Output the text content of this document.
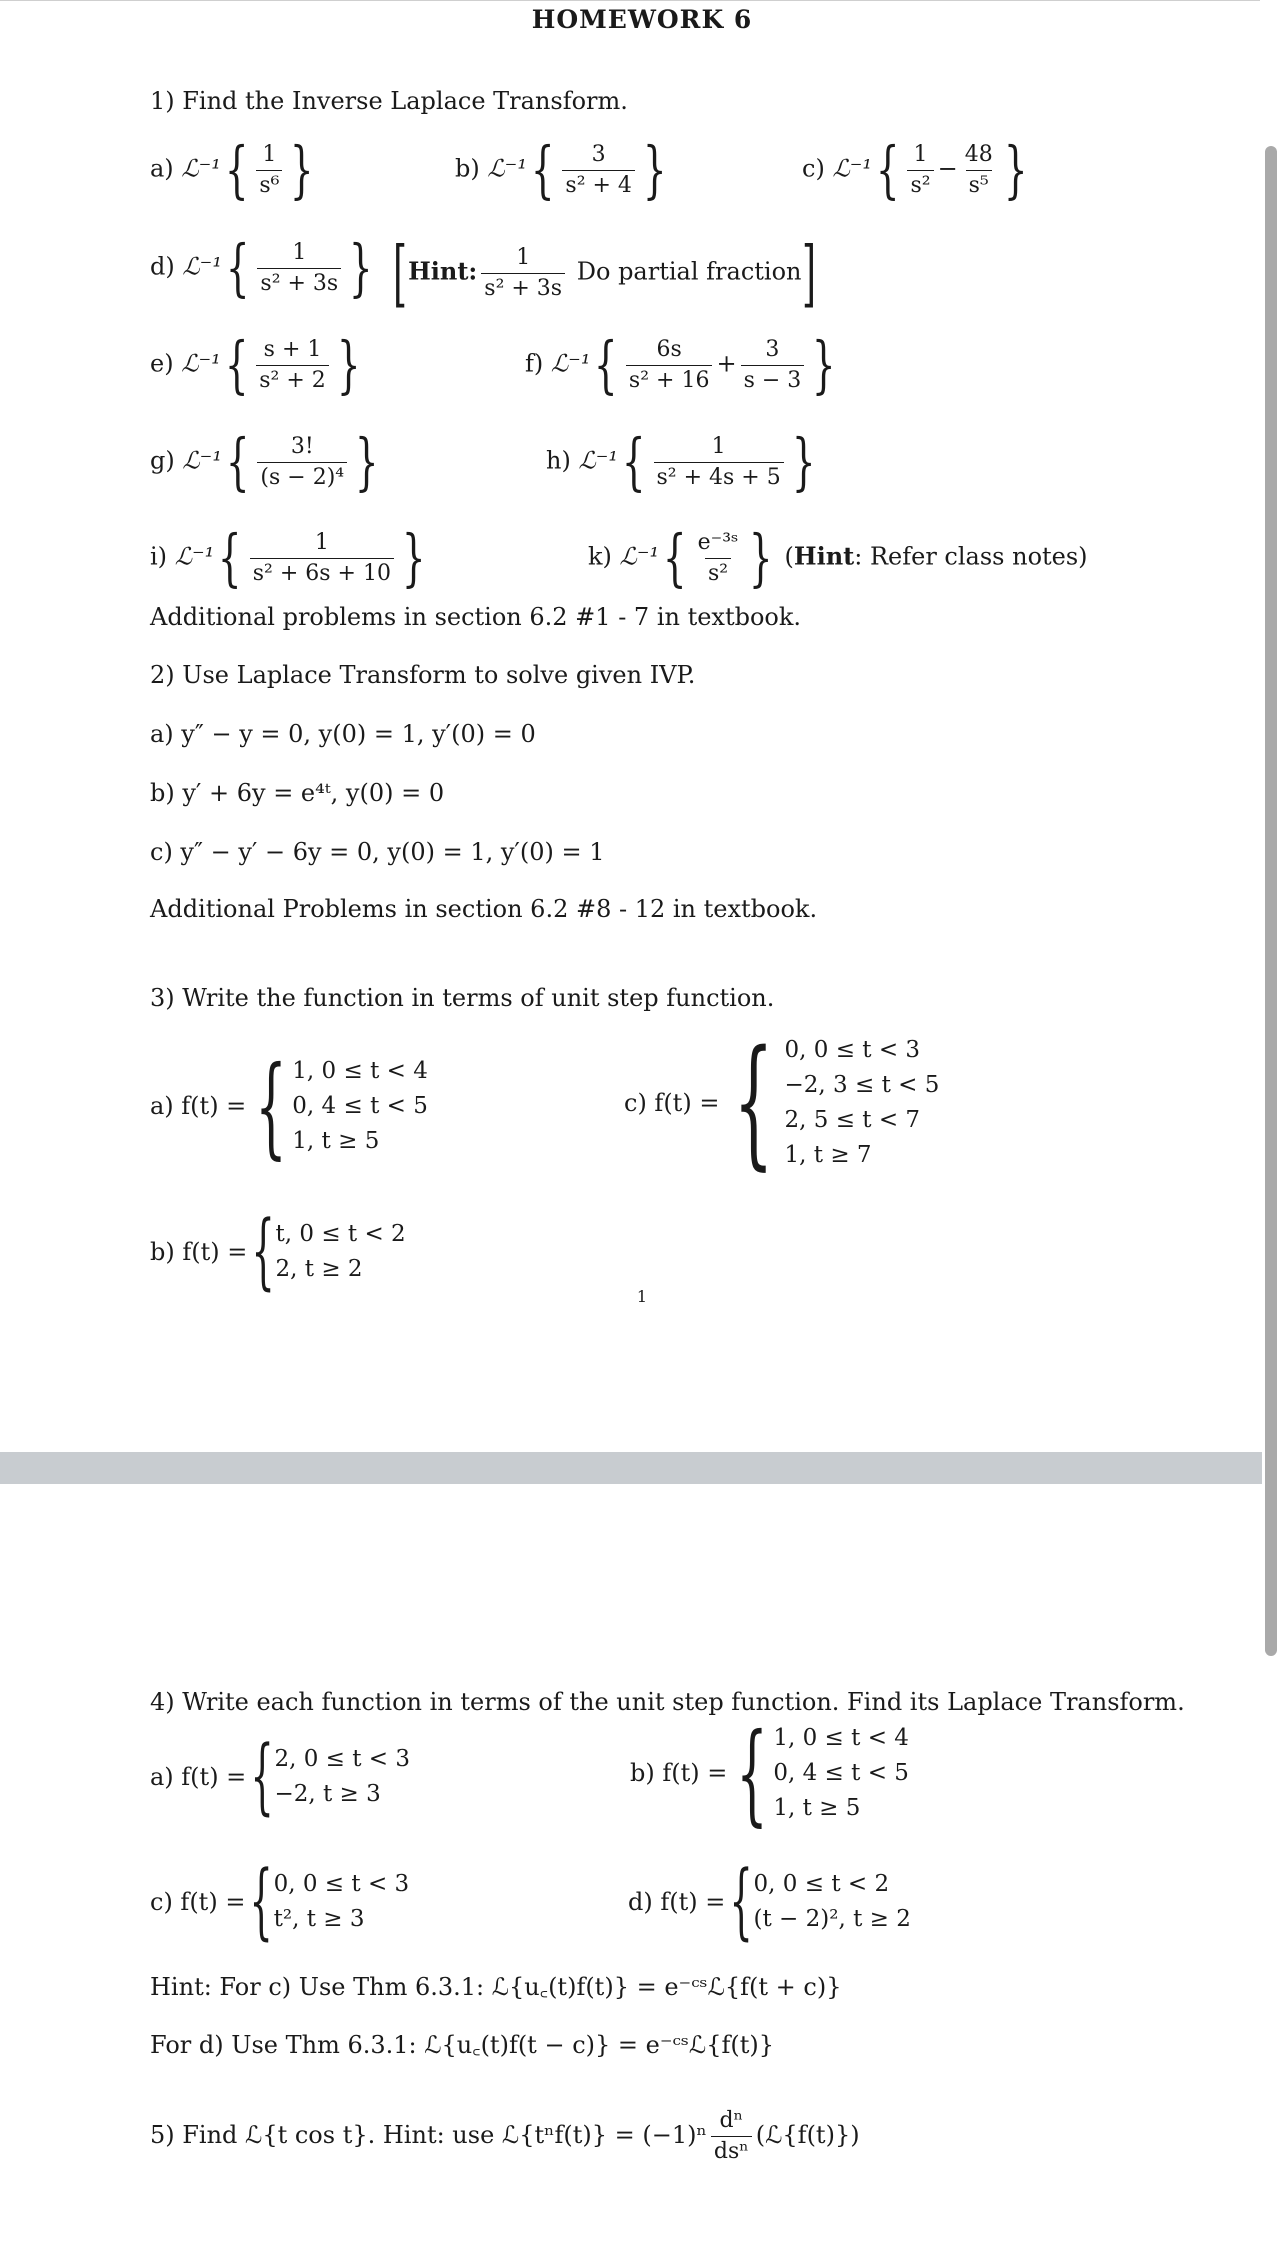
HOMEWORK 6
1) Find the Inverse Laplace Transform.
a) ℒ⁻¹{ $\frac{1}{\text{s⁶}}$ }	b) ℒ⁻¹{ $\frac{3}{\text{s² + 4}}$ }	c) ℒ⁻¹{ $\frac{1}{\text{s²}} - \frac{48}{\text{s⁵}}$ }
d) ℒ⁻¹{ $\frac{1}{\text{s² + 3s}}$ } [Hint: $\frac{1}{\text{s² + 3s}}$ Do partial fraction]
e) ℒ⁻¹{ $\frac{s + 1}{\text{s² + 2}}$ }	f) ℒ⁻¹{ $\frac{6s}{\text{s² + 16}} + \frac{3}{s - 3}$ }
g) ℒ⁻¹{ $\frac{3!}{\text{(s − 2)⁴}}$ }	h) ℒ⁻¹{ $\frac{1}{\text{s² + 4s + 5}}$ }
i) ℒ⁻¹{ $\frac{1}{\text{s² + 6s + 10}}$ }	k) ℒ⁻¹{ $\frac{\text{e⁻³ˢ}}{\text{s²}}$ } (Hint: Refer class notes)
Additional problems in section 6.2 #1 - 7 in textbook.
2) Use Laplace Transform to solve given IVP.
a) y″ − y = 0, y(0) = 1, y′(0) = 0
b) y′ + 6y = e⁴ᵗ, y(0) = 0
c) y″ − y′ − 6y = 0, y(0) = 1, y′(0) = 1
Additional Problems in section 6.2 #8 - 12 in textbook.
3) Write the function in terms of unit step function.
a) f(t) = { 1, 0 ≤ t < 4
0, 4 ≤ t < 5
1, t ≥ 5
c) f(t) = { 0, 0 ≤ t < 3
−2, 3 ≤ t < 5
2, 5 ≤ t < 7
1, t ≥ 7
b) f(t) = { t, 0 ≤ t < 2
2, t ≥ 2
1
4) Write each function in terms of the unit step function. Find its Laplace Transform.
a) f(t) = { 2, 0 ≤ t < 3
−2, t ≥ 3
b) f(t) = { 1, 0 ≤ t < 4
0, 4 ≤ t < 5
1, t ≥ 5
c) f(t) = { 0, 0 ≤ t < 3
t², t ≥ 3
d) f(t) = { 0, 0 ≤ t < 2
(t − 2)², t ≥ 2
Hint: For c) Use Thm 6.3.1: ℒ{u꜀(t)f(t)} = e⁻ᶜˢℒ{f(t + c)}
For d) Use Thm 6.3.1: ℒ{u꜀(t)f(t − c)} = e⁻ᶜˢℒ{f(t)}
5) Find ℒ{t cos t}. Hint: use ℒ{tⁿf(t)} = $(-1)^n \frac{\text{dⁿ}}{\text{dsⁿ}}$ (ℒ{f(t)})
